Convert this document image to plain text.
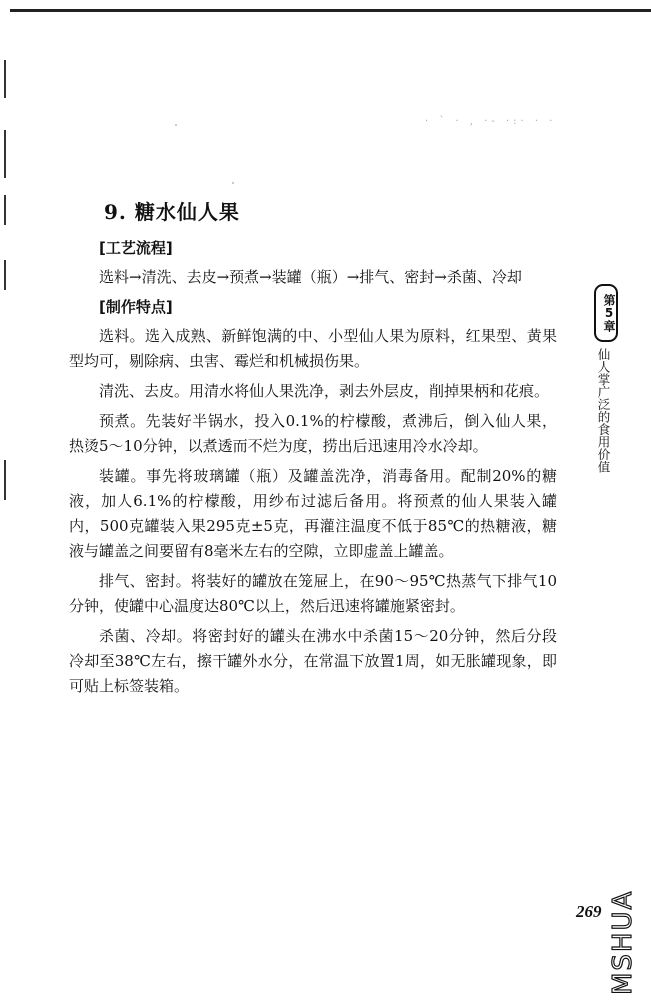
· ` · , ·- ·:· · ·
9. 糖水仙人果
[工艺流程]

选料→清洗、去皮→预煮→装罐（瓶）→排气、密封→杀菌、冷却

[制作特点]

选料。选入成熟、新鲜饱满的中、小型仙人果为原料，红果型、黄果型均可，剔除病、虫害、霉烂和机械损伤果。

清洗、去皮。用清水将仙人果洗净，剥去外层皮，削掉果柄和花痕。

预煮。先装好半锅水，投入0.1%的柠檬酸，煮沸后，倒入仙人果，热烫5～10分钟，以煮透而不烂为度，捞出后迅速用冷水冷却。

装罐。事先将玻璃罐（瓶）及罐盖洗净，消毒备用。配制20%的糖液，加人6.1%的柠檬酸，用纱布过滤后备用。将预煮的仙人果装入罐内，500克罐装入果295克±5克，再灌注温度不低于85℃的热糖液，糖液与罐盖之间要留有8毫米左右的空隙，立即虚盖上罐盖。

排气、密封。将装好的罐放在笼屉上，在90～95℃热蒸气下排气10分钟，使罐中心温度达80℃以上，然后迅速将罐施紧密封。

杀菌、冷却。将密封好的罐头在沸水中杀菌15～20分钟，然后分段冷却至38℃左右，擦干罐外水分，在常温下放置1周，如无胀罐现象，即可贴上标签装箱。

第5章
仙人掌广泛的食用价值
269 MSHUA
